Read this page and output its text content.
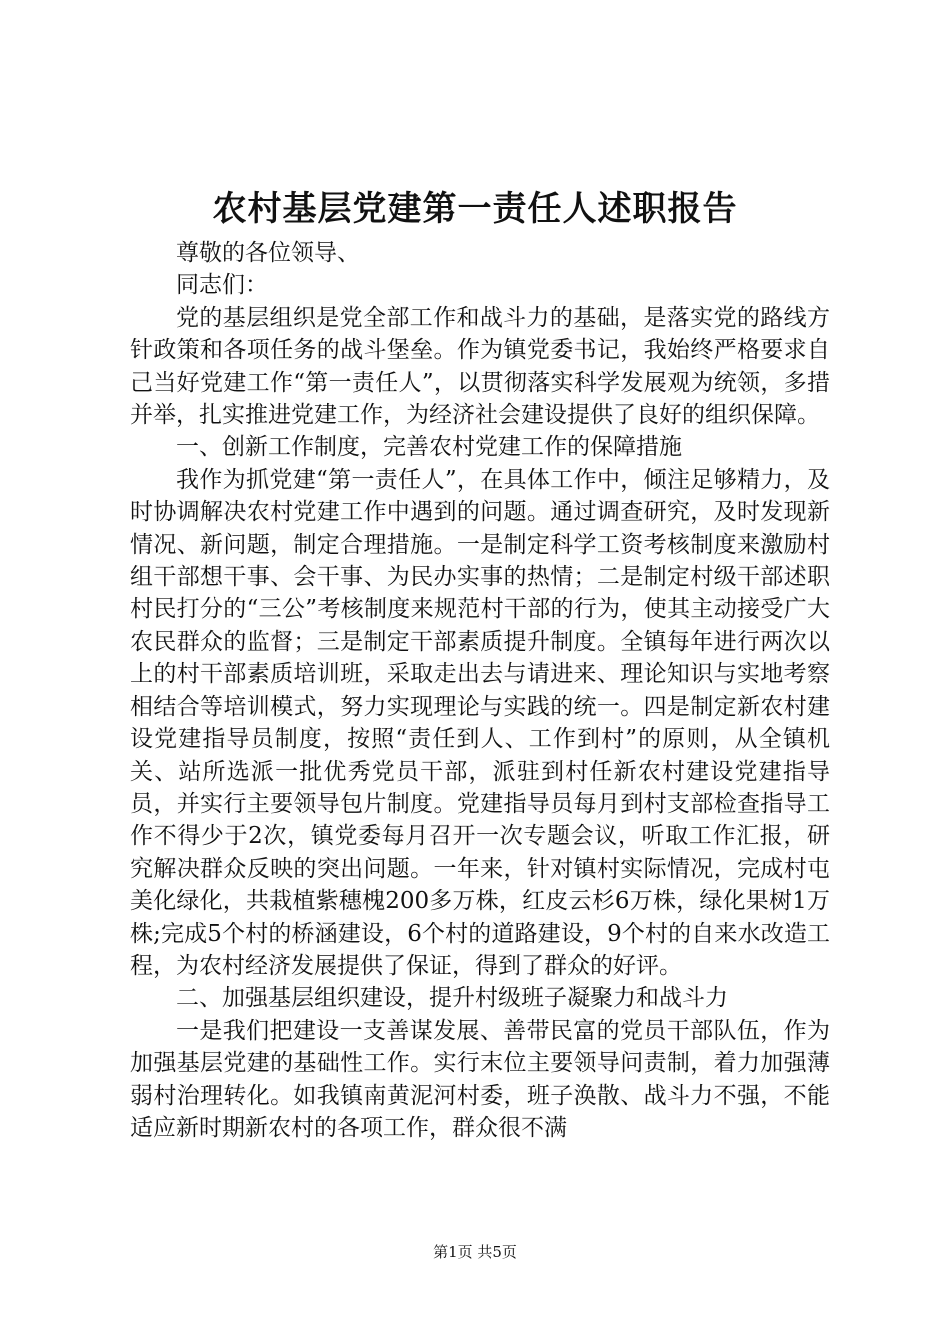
农村基层党建第一责任人述职报告

尊敬的各位领导、

同志们：

党的基层组织是党全部工作和战斗力的基础，是落实党的路线方针政策和各项任务的战斗堡垒。作为镇党委书记，我始终严格要求自己当好党建工作“第一责任人”，以贯彻落实科学发展观为统领，多措并举，扎实推进党建工作，为经济社会建设提供了良好的组织保障。

一、创新工作制度，完善农村党建工作的保障措施

我作为抓党建“第一责任人”，在具体工作中，倾注足够精力，及时协调解决农村党建工作中遇到的问题。通过调查研究，及时发现新情况、新问题，制定合理措施。一是制定科学工资考核制度来激励村组干部想干事、会干事、为民办实事的热情；二是制定村级干部述职村民打分的“三公”考核制度来规范村干部的行为，使其主动接受广大农民群众的监督；三是制定干部素质提升制度。全镇每年进行两次以上的村干部素质培训班，采取走出去与请进来、理论知识与实地考察相结合等培训模式，努力实现理论与实践的统一。四是制定新农村建设党建指导员制度，按照“责任到人、工作到村”的原则，从全镇机关、站所选派一批优秀党员干部，派驻到村任新农村建设党建指导员，并实行主要领导包片制度。党建指导员每月到村支部检查指导工作不得少于2次，镇党委每月召开一次专题会议，听取工作汇报，研究解决群众反映的突出问题。一年来，针对镇村实际情况，完成村屯美化绿化，共栽植紫穗槐200多万株，红皮云杉6万株，绿化果树1万株;完成5个村的桥涵建设，6个村的道路建设，9个村的自来水改造工程，为农村经济发展提供了保证，得到了群众的好评。

二、加强基层组织建设，提升村级班子凝聚力和战斗力

一是我们把建设一支善谋发展、善带民富的党员干部队伍，作为加强基层党建的基础性工作。实行末位主要领导问责制，着力加强薄弱村治理转化。如我镇南黄泥河村委，班子涣散、战斗力不强，不能适应新时期新农村的各项工作，群众很不满

第1页 共5页
